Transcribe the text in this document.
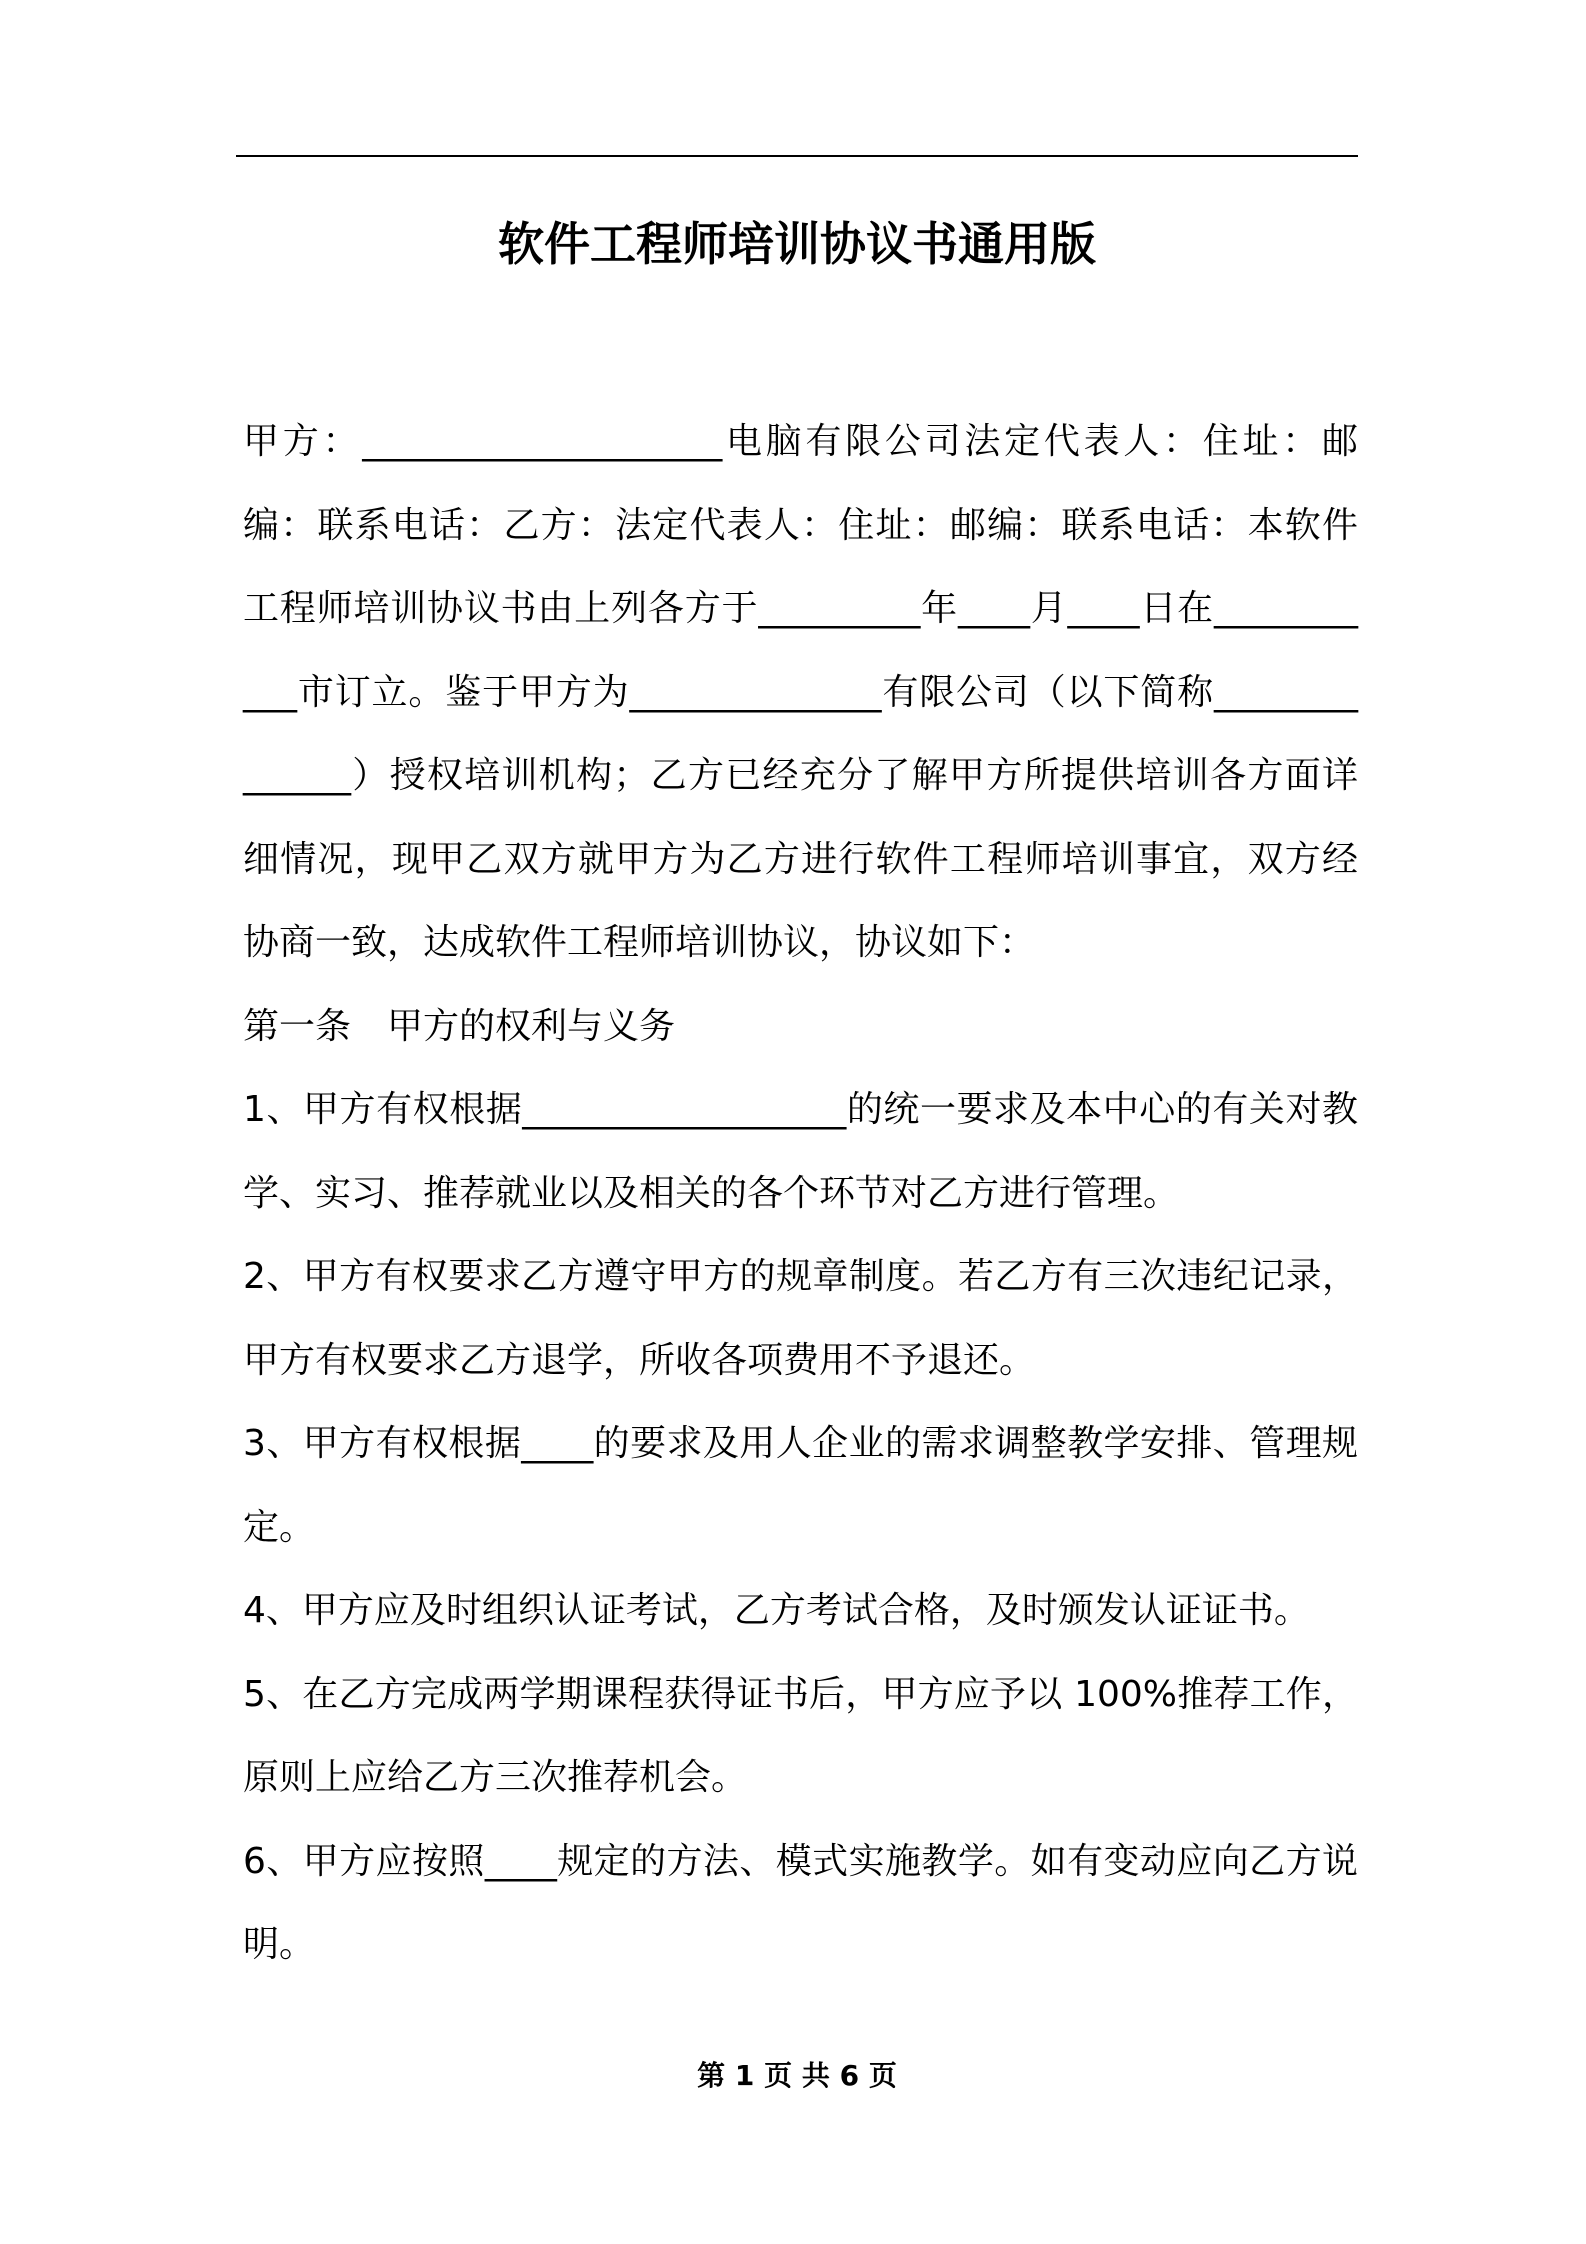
软件工程师培训协议书通用版

甲方：____________________电脑有限公司法定代表人：住址：邮编：联系电话：乙方：法定代表人：住址：邮编：联系电话：本软件工程师培训协议书由上列各方于_________年____月____日在___________市订立。鉴于甲方为______________有限公司（以下简称______________）授权培训机构；乙方已经充分了解甲方所提供培训各方面详细情况，现甲乙双方就甲方为乙方进行软件工程师培训事宜，双方经协商一致，达成软件工程师培训协议，协议如下：

第一条　甲方的权利与义务

1、甲方有权根据__________________的统一要求及本中心的有关对教学、实习、推荐就业以及相关的各个环节对乙方进行管理。

2、甲方有权要求乙方遵守甲方的规章制度。若乙方有三次违纪记录，甲方有权要求乙方退学，所收各项费用不予退还。

3、甲方有权根据____的要求及用人企业的需求调整教学安排、管理规定。

4、甲方应及时组织认证考试，乙方考试合格，及时颁发认证证书。

5、在乙方完成两学期课程获得证书后，甲方应予以 100%推荐工作，原则上应给乙方三次推荐机会。

6、甲方应按照____规定的方法、模式实施教学。如有变动应向乙方说明。

第 1 页 共 6 页
